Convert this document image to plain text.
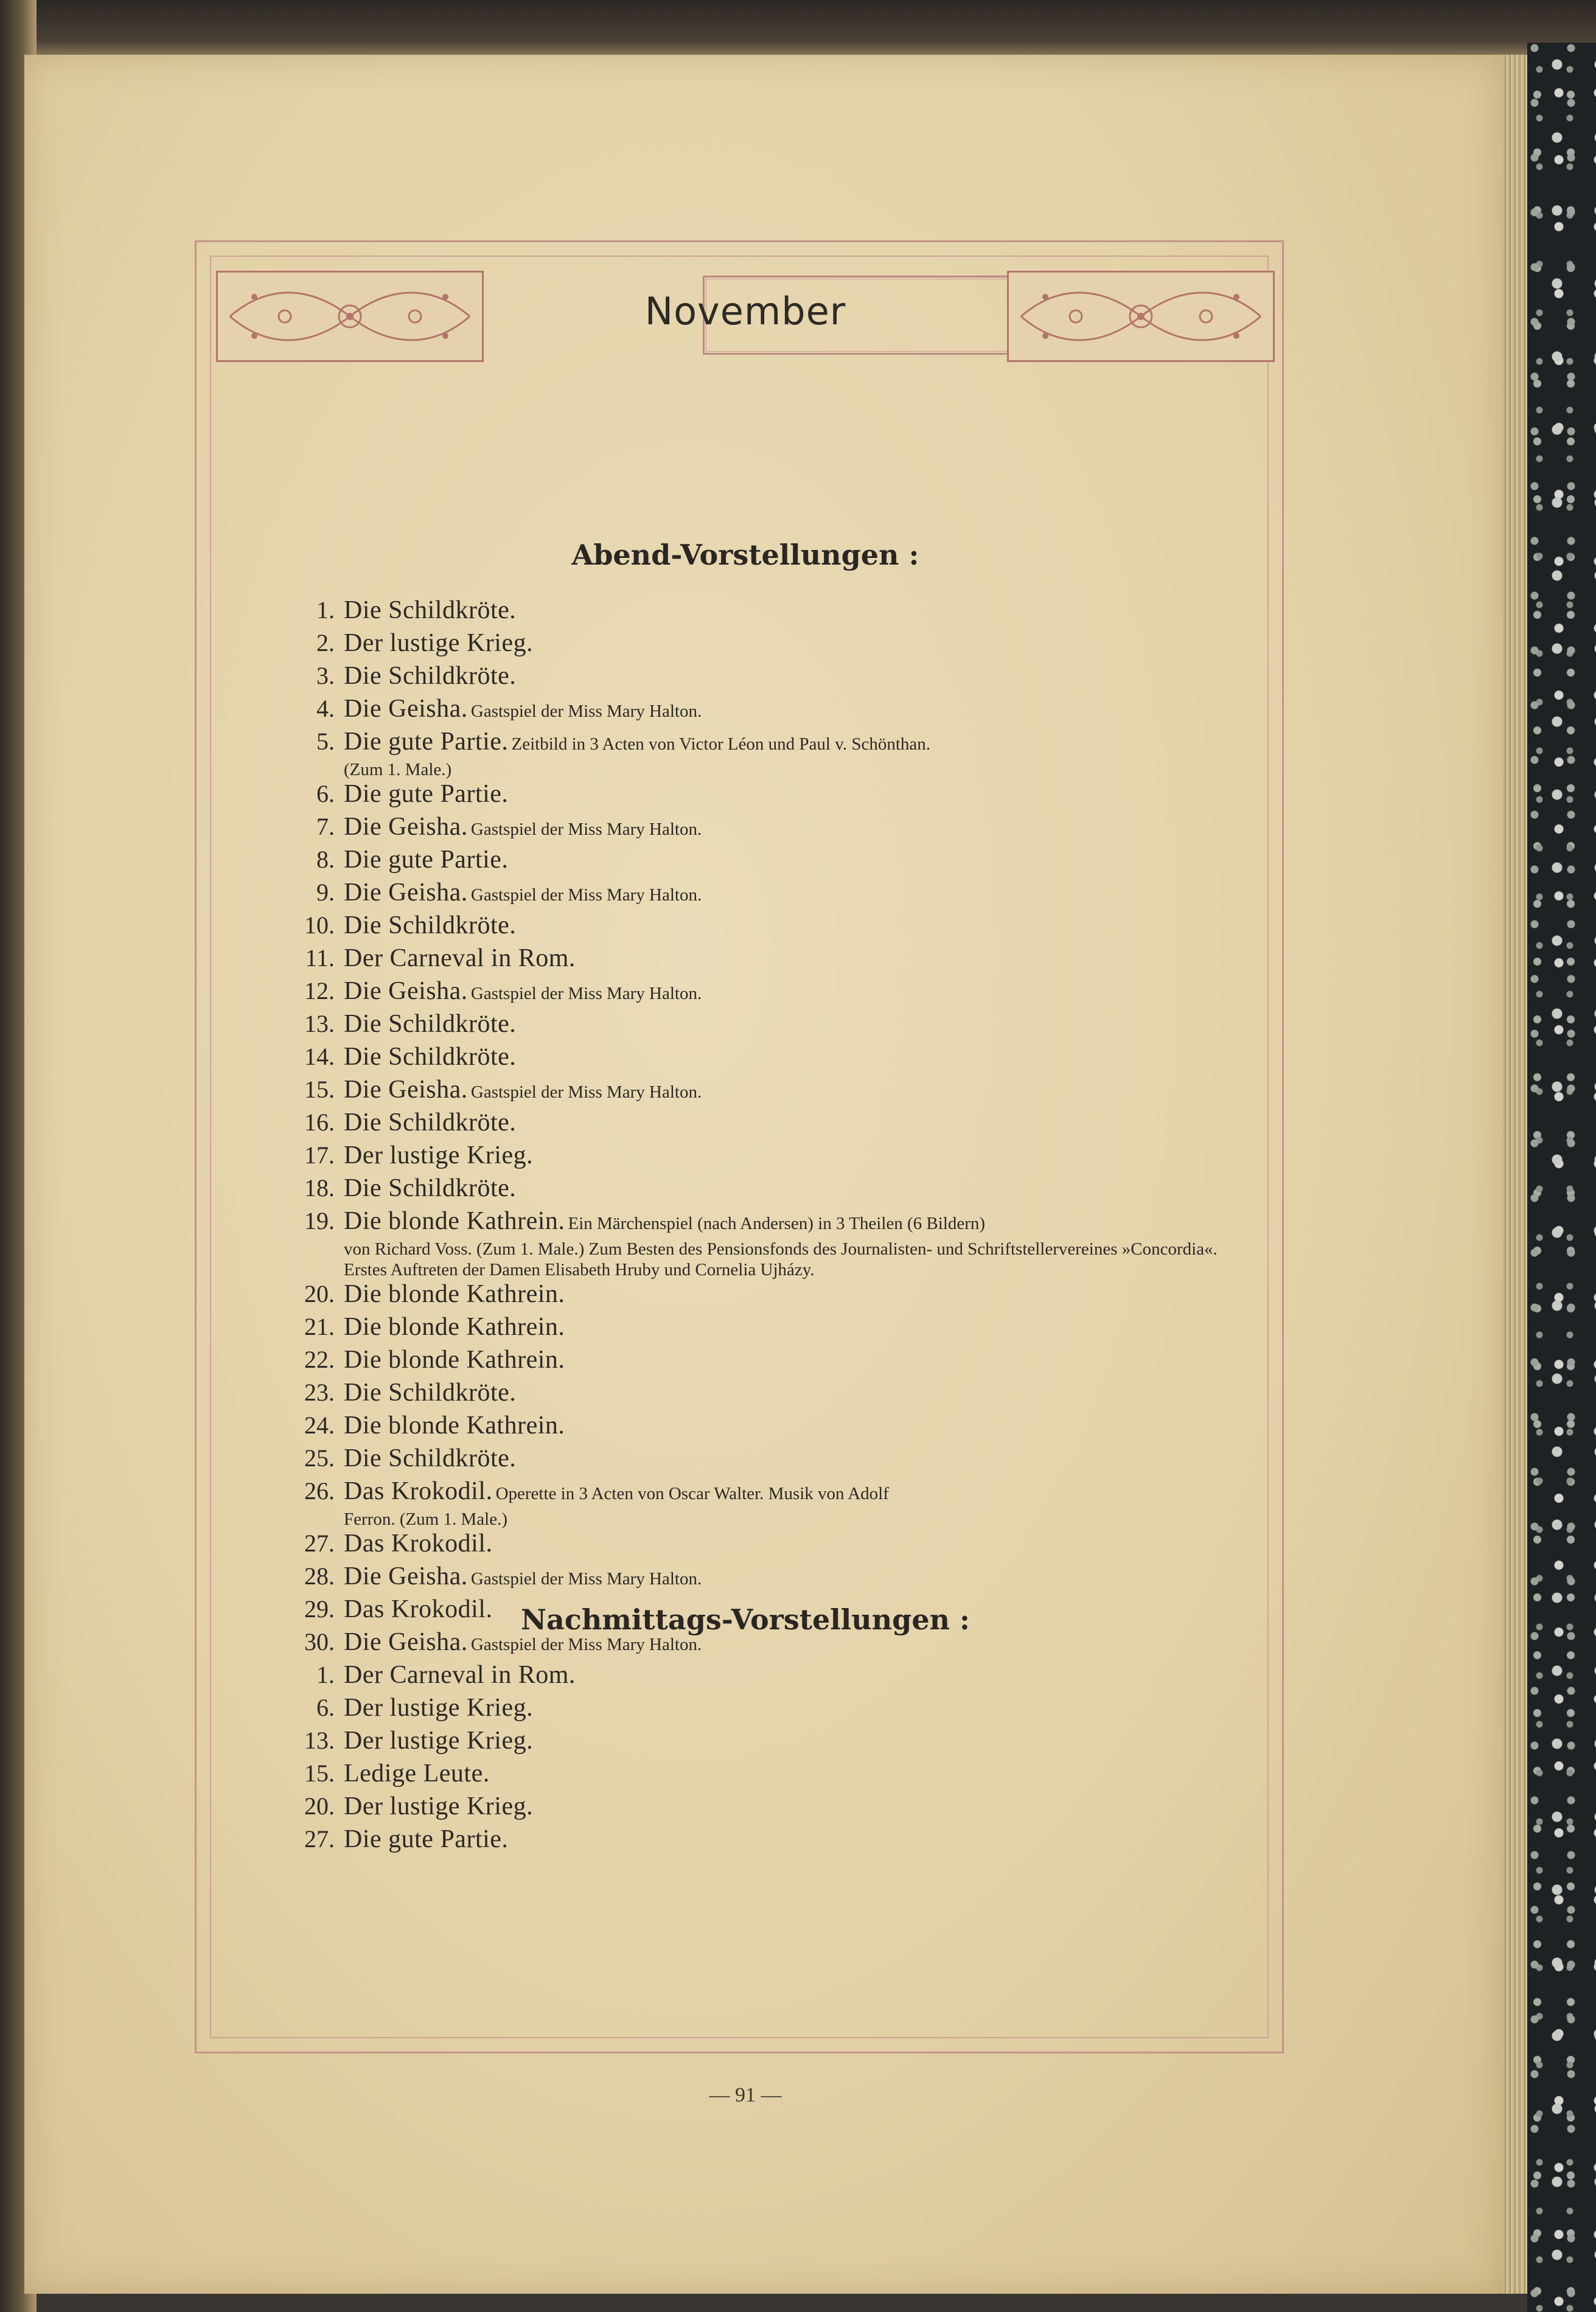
November
Abend-Vorstellungen :
1. Die Schildkröte.
2. Der lustige Krieg.
3. Die Schildkröte.
4. Die Geisha. Gastspiel der Miss Mary Halton.
5. Die gute Partie. Zeitbild in 3 Acten von Victor Léon und Paul v. Schönthan.
(Zum 1. Male.)
6. Die gute Partie.
7. Die Geisha. Gastspiel der Miss Mary Halton.
8. Die gute Partie.
9. Die Geisha. Gastspiel der Miss Mary Halton.
10. Die Schildkröte.
11. Der Carneval in Rom.
12. Die Geisha. Gastspiel der Miss Mary Halton.
13. Die Schildkröte.
14. Die Schildkröte.
15. Die Geisha. Gastspiel der Miss Mary Halton.
16. Die Schildkröte.
17. Der lustige Krieg.
18. Die Schildkröte.
19. Die blonde Kathrein. Ein Märchenspiel (nach Andersen) in 3 Theilen (6 Bildern)
von Richard Voss. (Zum 1. Male.) Zum Besten des Pensionsfonds des Journalisten- und Schriftstellervereines »Concordia«. Erstes Auftreten der Damen Elisabeth Hruby und Cornelia Ujházy.
20. Die blonde Kathrein.
21. Die blonde Kathrein.
22. Die blonde Kathrein.
23. Die Schildkröte.
24. Die blonde Kathrein.
25. Die Schildkröte.
26. Das Krokodil. Operette in 3 Acten von Oscar Walter. Musik von Adolf
Ferron. (Zum 1. Male.)
27. Das Krokodil.
28. Die Geisha. Gastspiel der Miss Mary Halton.
29. Das Krokodil.
30. Die Geisha. Gastspiel der Miss Mary Halton.
Nachmittags-Vorstellungen :
1. Der Carneval in Rom.
6. Der lustige Krieg.
13. Der lustige Krieg.
15. Ledige Leute.
20. Der lustige Krieg.
27. Die gute Partie.
— 91 —
